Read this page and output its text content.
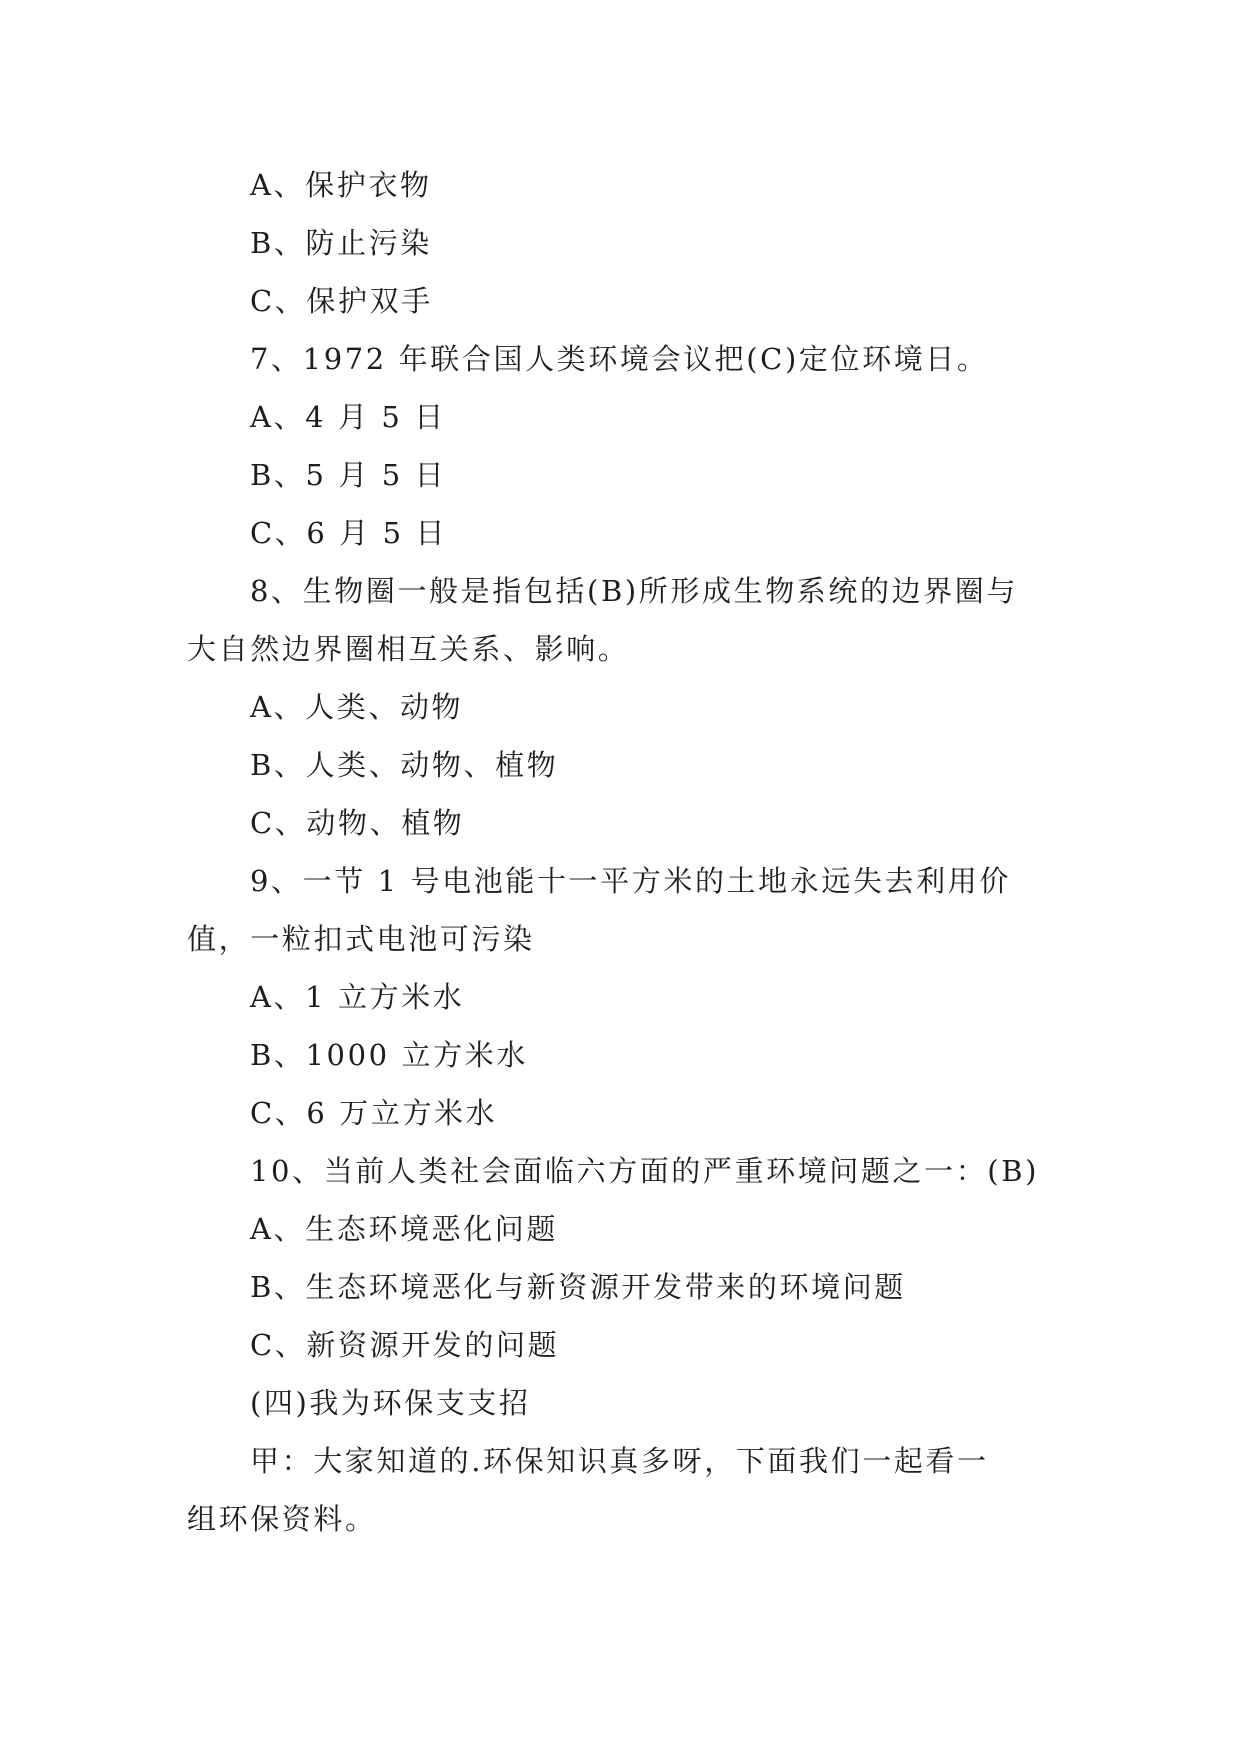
A、保护衣物
B、防止污染
C、保护双手
7、1972 年联合国人类环境会议把(C)定位环境日。
A、4 月 5 日
B、5 月 5 日
C、6 月 5 日
8、生物圈一般是指包括(B)所形成生物系统的边界圈与
大自然边界圈相互关系、影响。
A、人类、动物
B、人类、动物、植物
C、动物、植物
9、一节 1 号电池能十一平方米的土地永远失去利用价
值，一粒扣式电池可污染
A、1 立方米水
B、1000 立方米水
C、6 万立方米水
10、当前人类社会面临六方面的严重环境问题之一：(B)
A、生态环境恶化问题
B、生态环境恶化与新资源开发带来的环境问题
C、新资源开发的问题
(四)我为环保支支招
甲：大家知道的.环保知识真多呀，下面我们一起看一
组环保资料。
